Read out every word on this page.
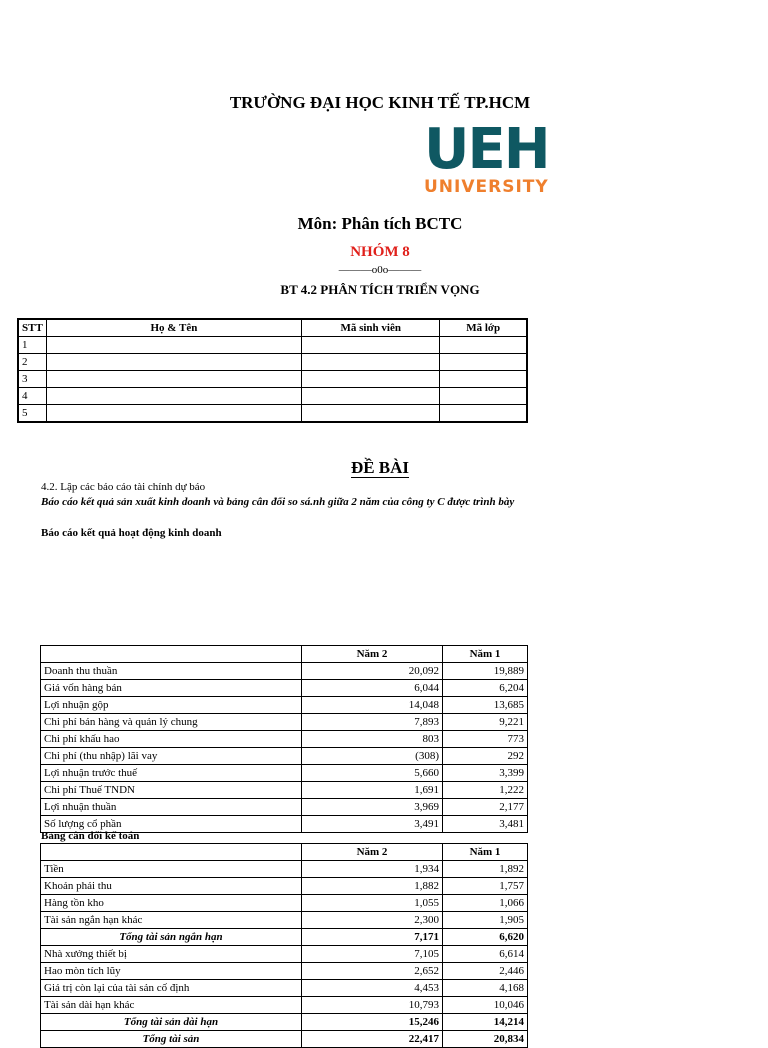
TRƯỜNG ĐẠI HỌC KINH TẾ TP.HCM
UEH
UNIVERSITY
Môn: Phân tích BCTC
NHÓM 8
———o0o———
BT 4.2 PHÂN TÍCH TRIỂN VỌNG
STT	Họ & Tên	Mã sinh viên	Mã lớp
1			
2			
3			
4			
5			
ĐỀ BÀI
4.2. Lập các báo cáo tài chính dự báo
Báo cáo kết quả sản xuất kinh doanh và bảng cân đối so sá.nh giữa 2 năm của công ty C được trình bày
Báo cáo kết quả hoạt động kinh doanh
	Năm 2	Năm 1
Doanh thu thuần	20,092	19,889
Giá vốn hàng bán	6,044	6,204
Lợi nhuận gộp	14,048	13,685
Chi phí bán hàng và quản lý chung	7,893	9,221
Chi phí khấu hao	803	773
Chi phí (thu nhập) lãi vay	(308)	292
Lợi nhuận trước thuế	5,660	3,399
Chi phí Thuế TNDN	1,691	1,222
Lợi nhuận thuần	3,969	2,177
Số lượng cổ phần	3,491	3,481
Bảng cân đối kế toán
	Năm 2	Năm 1
Tiền	1,934	1,892
Khoản phải thu	1,882	1,757
Hàng tồn kho	1,055	1,066
Tài sản ngắn hạn khác	2,300	1,905
Tổng tài sản ngắn hạn	7,171	6,620
Nhà xưởng thiết bị	7,105	6,614
Hao mòn tích lũy	2,652	2,446
Giá trị còn lại của tài sản cố định	4,453	4,168
Tài sản dài hạn khác	10,793	10,046
Tổng tài sản dài hạn	15,246	14,214
Tổng tài sản	22,417	20,834
